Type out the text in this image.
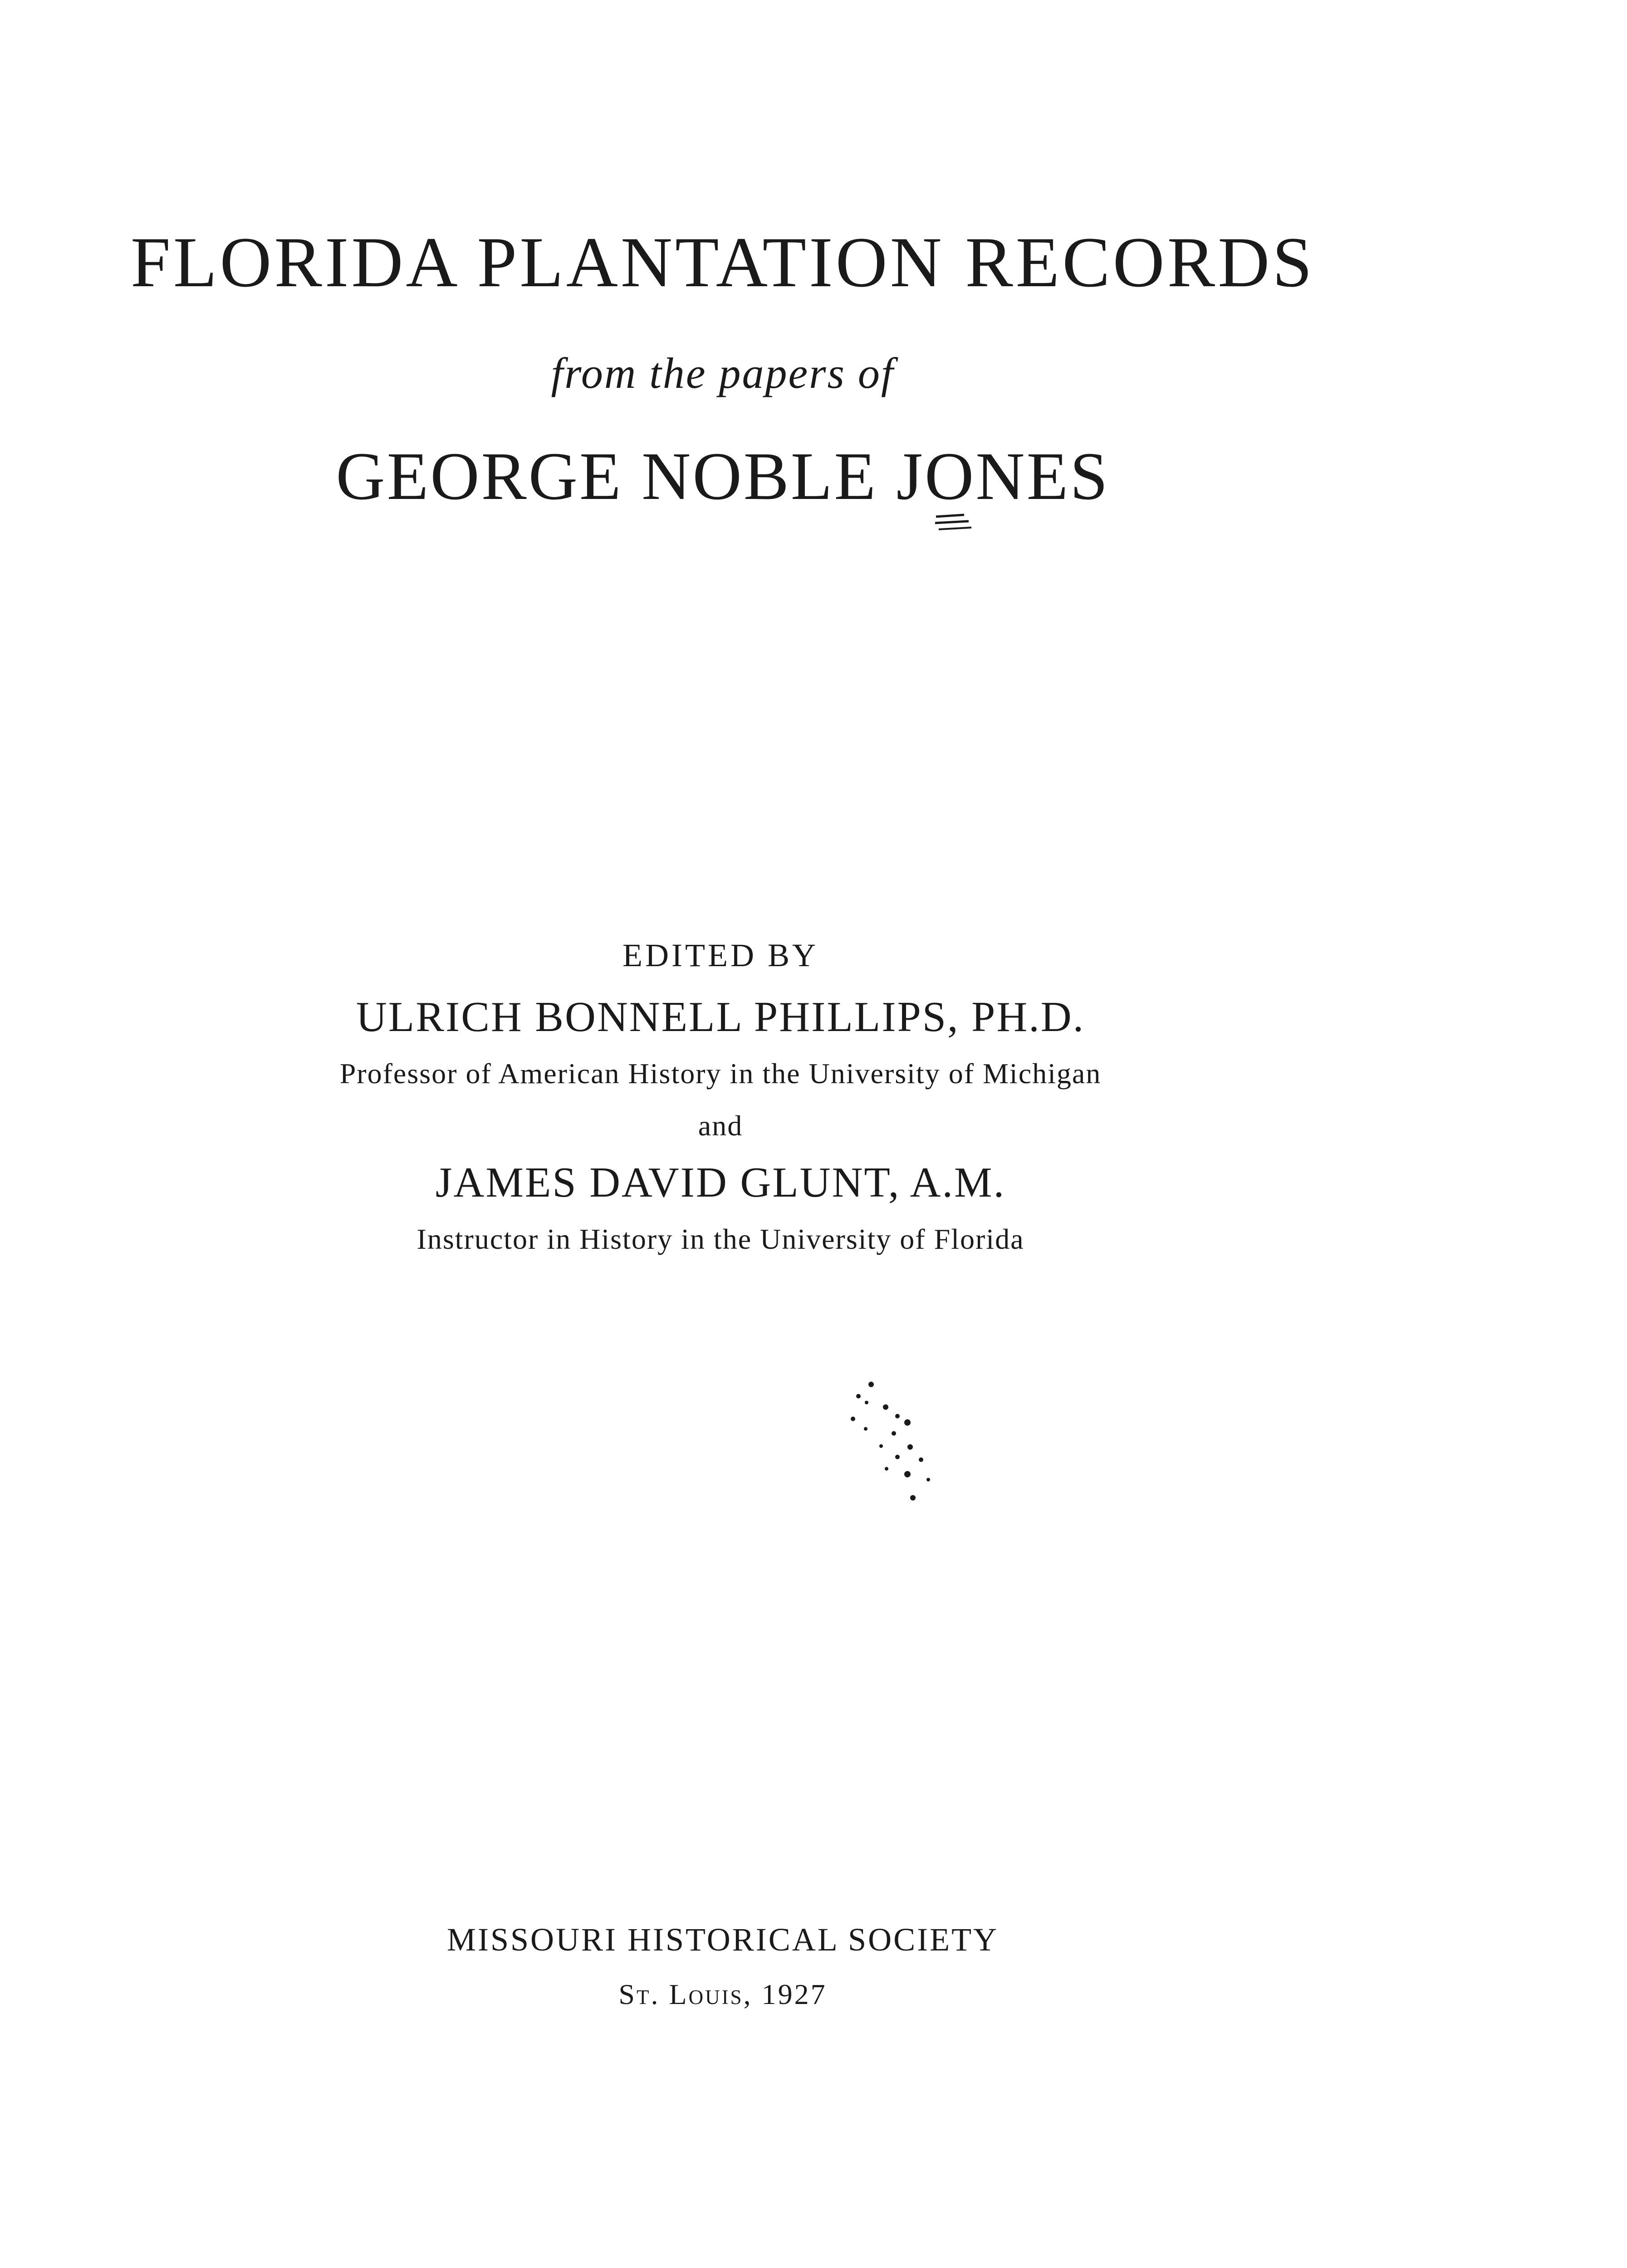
FLORIDA PLANTATION RECORDS
from the papers of
GEORGE NOBLE JONES
EDITED BY
ULRICH BONNELL PHILLIPS, PH.D.
Professor of American History in the University of Michigan
and
JAMES DAVID GLUNT, A.M.
Instructor in History in the University of Florida
MISSOURI HISTORICAL SOCIETY
St. Louis, 1927
